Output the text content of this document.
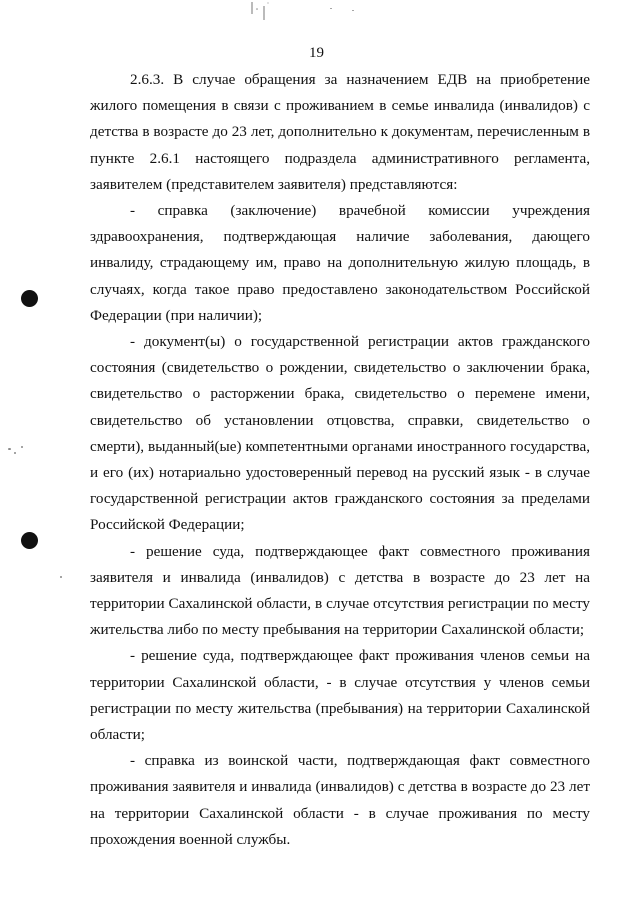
19

2.6.3. В случае обращения за назначением ЕДВ на приобретение жилого помещения в связи с проживанием в семье инвалида (инвалидов) с детства в возрасте до 23 лет, дополнительно к документам, перечисленным в пункте 2.6.1 настоящего подраздела административного регламента, заявителем (представителем заявителя) представляются:

- справка (заключение) врачебной комиссии учреждения здравоохранения, подтверждающая наличие заболевания, дающего инвалиду, страдающему им, право на дополнительную жилую площадь, в случаях, когда такое право предоставлено законодательством Российской Федерации (при наличии);

- документ(ы) о государственной регистрации актов гражданского состояния (свидетельство о рождении, свидетельство о заключении брака, свидетельство о расторжении брака, свидетельство о перемене имени, свидетельство об установлении отцовства, справки, свидетельство о смерти), выданный(ые) компетентными органами иностранного государства, и его (их) нотариально удостоверенный перевод на русский язык - в случае государственной регистрации актов гражданского состояния за пределами Российской Федерации;

- решение суда, подтверждающее факт совместного проживания заявителя и инвалида (инвалидов) с детства в возрасте до 23 лет на территории Сахалинской области, в случае отсутствия регистрации по месту жительства либо по месту пребывания на территории Сахалинской области;

- решение суда, подтверждающее факт проживания членов семьи на территории Сахалинской области, - в случае отсутствия у членов семьи регистрации по месту жительства (пребывания) на территории Сахалинской области;

- справка из воинской части, подтверждающая факт совместного проживания заявителя и инвалида (инвалидов) с детства в возрасте до 23 лет на территории Сахалинской области - в случае проживания по месту прохождения военной службы.
